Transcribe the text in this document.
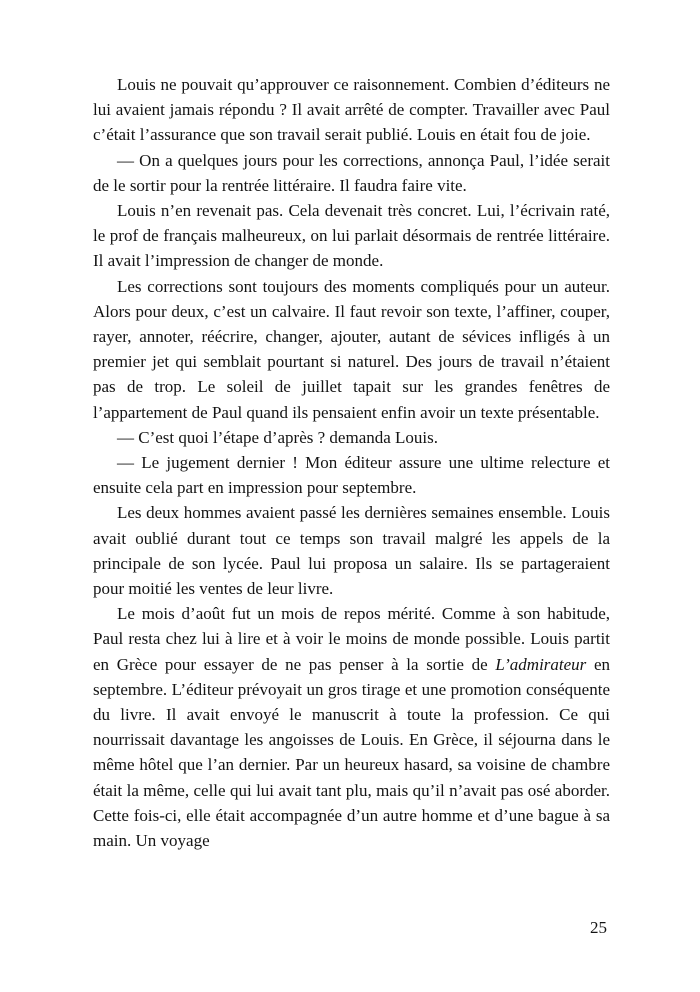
Louis ne pouvait qu’approuver ce raisonnement. Combien d’éditeurs ne lui avaient jamais répondu ? Il avait arrêté de compter. Travailler avec Paul c’était l’assurance que son travail serait publié. Louis en était fou de joie.

— On a quelques jours pour les corrections, annonça Paul, l’idée serait de le sortir pour la rentrée littéraire. Il faudra faire vite.

Louis n’en revenait pas. Cela devenait très concret. Lui, l’écrivain raté, le prof de français malheureux, on lui parlait désormais de rentrée littéraire. Il avait l’impression de changer de monde.

Les corrections sont toujours des moments compliqués pour un auteur. Alors pour deux, c’est un calvaire. Il faut revoir son texte, l’affiner, couper, rayer, annoter, réécrire, changer, ajouter, autant de sévices infligés à un premier jet qui semblait pourtant si naturel. Des jours de travail n’étaient pas de trop. Le soleil de juillet tapait sur les grandes fenêtres de l’appartement de Paul quand ils pensaient enfin avoir un texte présentable.

— C’est quoi l’étape d’après ? demanda Louis.

— Le jugement dernier ! Mon éditeur assure une ultime relecture et ensuite cela part en impression pour septembre.

Les deux hommes avaient passé les dernières semaines ensemble. Louis avait oublié durant tout ce temps son travail malgré les appels de la principale de son lycée. Paul lui proposa un salaire. Ils se partageraient pour moitié les ventes de leur livre.

Le mois d’août fut un mois de repos mérité. Comme à son habitude, Paul resta chez lui à lire et à voir le moins de monde possible. Louis partit en Grèce pour essayer de ne pas penser à la sortie de L’admirateur en septembre. L’éditeur prévoyait un gros tirage et une promotion conséquente du livre. Il avait envoyé le manuscrit à toute la profession. Ce qui nourrissait davantage les angoisses de Louis. En Grèce, il séjourna dans le même hôtel que l’an dernier. Par un heureux hasard, sa voisine de chambre était la même, celle qui lui avait tant plu, mais qu’il n’avait pas osé aborder. Cette fois-ci, elle était accompagnée d’un autre homme et d’une bague à sa main. Un voyage

25
